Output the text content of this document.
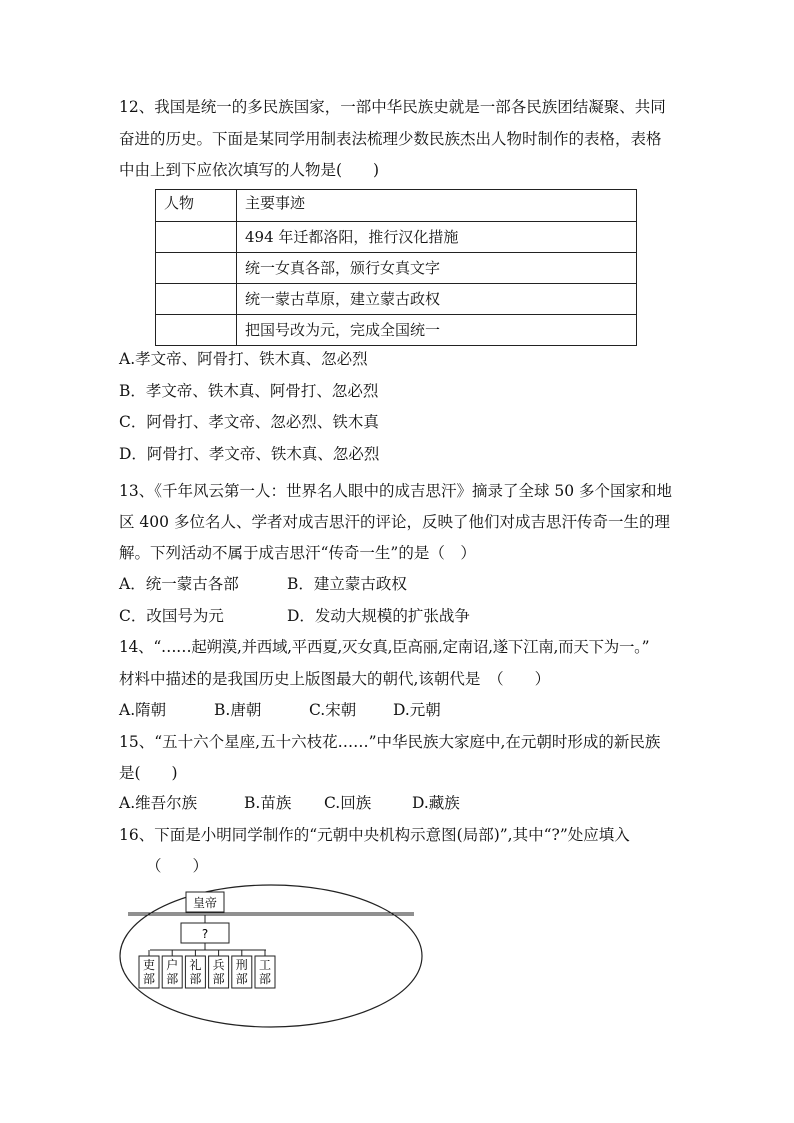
12、我国是统一的多民族国家，一部中华民族史就是一部各民族团结凝聚、共同
奋进的历史。下面是某同学用制表法梳理少数民族杰出人物时制作的表格，表格
中由上到下应依次填写的人物是(　　)
人物	主要事迹
	494 年迁都洛阳，推行汉化措施
	统一女真各部，颁行女真文字
	统一蒙古草原，建立蒙古政权
	把国号改为元，完成全国统一
A.孝文帝、阿骨打、铁木真、忽必烈
B．孝文帝、铁木真、阿骨打、忽必烈
C．阿骨打、孝文帝、忽必烈、铁木真
D．阿骨打、孝文帝、铁木真、忽必烈
13、《千年风云第一人：世界名人眼中的成吉思汗》摘录了全球 50 多个国家和地
区 400 多位名人、学者对成吉思汗的评论，反映了他们对成吉思汗传奇一生的理
解。下列活动不属于成吉思汗“传奇一生”的是（　）
A．统一蒙古各部	B．建立蒙古政权
C．改国号为元	D．发动大规模的扩张战争
14、“……起朔漠,并西域,平西夏,灭女真,臣高丽,定南诏,遂下江南,而天下为一。”
材料中描述的是我国历史上版图最大的朝代,该朝代是　（　　）
A.隋朝	B.唐朝	C.宋朝 D.元朝
15、“五十六个星座,五十六枝花……”中华民族大家庭中,在元朝时形成的新民族
是(　　)
A.维吾尔族	B.苗族 C.回族	D.藏族
16、下面是小明同学制作的“元朝中央机构示意图(局部)”,其中“?”处应填入
（　　）
皇帝
?
吏
部
户
部
礼
部
兵
部
刑
部
工
部
